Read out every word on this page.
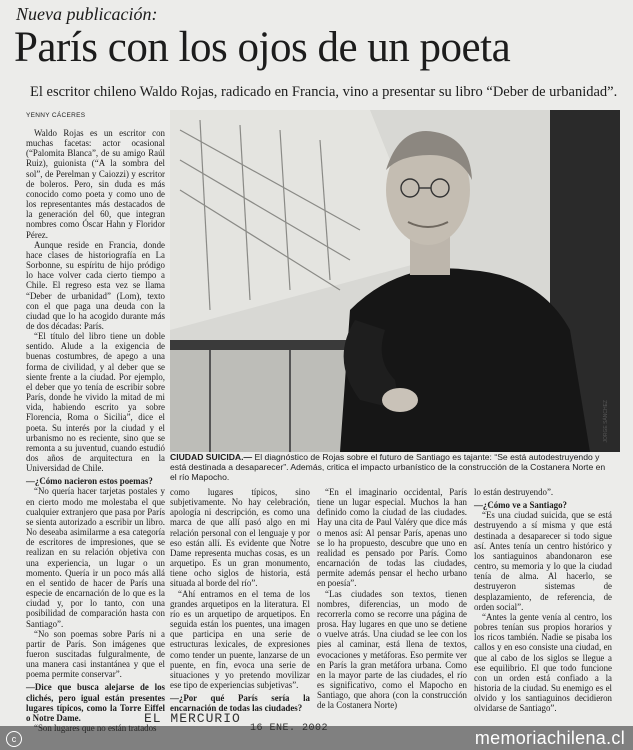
Nueva publicación:
París con los ojos de un poeta
El escritor chileno Waldo Rojas, radicado en Francia, vino a presentar su libro “Deber de urbanidad”.
YENNY CÁCERES

Waldo Rojas es un escritor con muchas facetas: actor ocasional (“Palomita Blanca”, de su amigo Raúl Ruiz), guionista (“A la sombra del sol”, de Perelman y Caiozzi) y escritor de boleros. Pero, sin duda es más conocido como poeta y como uno de los representantes más destacados de la generación del 60, que integran nombres como Óscar Hahn y Floridor Pérez.

Aunque reside en Francia, donde hace clases de historiografía en La Sorbonne, su espíritu de hijo pródigo lo hace volver cada cierto tiempo a Chile. El regreso esta vez se llama “Deber de urbanidad” (Lom), texto con el que paga una deuda con la ciudad que lo ha acogido durante más de dos décadas: París.

“El título del libro tiene un doble sentido. Alude a la exigencia de buenas costumbres, de apego a una forma de civilidad, y al deber que se siente frente a la ciudad. Por ejemplo, el deber que yo tenía de escribir sobre París, donde he vivido la mitad de mi vida, habiendo escrito ya sobre Florencia, Roma o Sicilia”, dice el poeta. Su interés por la ciudad y el urbanismo no es reciente, sino que se remonta a su juventud, cuando estudió dos años de arquitectura en la Universidad de Chile.

—¿Cómo nacieron estos poemas?

“No quería hacer tarjetas postales y en cierto modo me molestaba el que cualquier extranjero que pasa por París se sienta autorizado a escribir un libro. No deseaba asimilarme a esa categoría de escritores de impresiones, que se realizan en su relación objetiva con una experiencia, un lugar o un momento. Quería ir un poco más allá en el sentido de hacer de París una especie de encarnación de lo que es la ciudad y, por lo tanto, con una posibilidad de comparación hasta con Santiago”.

“No son poemas sobre París ni a partir de París. Son imágenes que fueron suscitadas fulguralmente, de una manera casi instantánea y que el poema permite conservar”.

—Dice que busca alejarse de los clichés, pero igual están presentes lugares típicos, como la Torre Eiffel o Notre Dame.

JORGE SÁNCHEZ
CIUDAD SUICIDA.— El diagnóstico de Rojas sobre el futuro de Santiago es tajante: “Se está autodestruyendo y está destinada a desaparecer”. Además, critica el impacto urbanístico de la construcción de la Costanera Norte en el río Mapocho.

como lugares típicos, sino subjetivamente. No hay celebración, apología ni descripción, es como una marca de que allí pasó algo en mi relación personal con el lenguaje y por eso están allí. Es evidente que Notre Dame representa muchas cosas, es un arquetipo. Es un gran monumento, tiene ocho siglos de historia, está situada al borde del río”.

“Ahí entramos en el tema de los grandes arquetipos en la literatura. El río es un arquetipo de arquetipos. En seguida están los puentes, una imagen que participa en una serie de estructuras lexicales, de expresiones como tender un puente, lanzarse de un puente, en fin, evoca una serie de situaciones y yo pretendo movilizar ese tipo de experiencias subjetivas”.

—¿Por qué París sería la encarnación de todas las ciudades?

“En el imaginario occidental, París tiene un lugar especial. Muchos la han definido como la ciudad de las ciudades. Hay una cita de Paul Valéry que dice más o menos así: Al pensar París, apenas uno se lo ha propuesto, descubre que uno en realidad es pensado por París. Como encarnación de todas las ciudades, permite además pensar el hecho urbano en poesía”.

“Las ciudades son textos, tienen nombres, diferencias, un modo de recorrerla como se recorre una página de prosa. Hay lugares en que uno se detiene o vuelve atrás. Una ciudad se lee con los pies al caminar, está llena de textos, evocaciones y metáforas. Eso permite ver en París la gran metáfora urbana. Como en la mayor parte de las ciudades, el río es significativo, como el Mapocho en Santiago, que ahora (con la construcción de la Costanera Norte)

lo están destruyendo”.

—¿Cómo ve a Santiago?

“Es una ciudad suicida, que se está destruyendo a sí misma y que está destinada a desaparecer si todo sigue así. Antes tenía un centro histórico y los santiaguinos abandonaron ese centro, su memoria y lo que la ciudad tenía de alma. Al hacerlo, se destruyeron sistemas de desplazamiento, de referencia, de orden social”.

“Antes la gente venía al centro, los pobres tenían sus propios horarios y los ricos también. Nadie se pisaba los callos y en eso consiste una ciudad, en que al cabo de los siglos se llegue a ese equilibrio. El que todo funcione con un orden está confiado a la historia de la ciudad. Su enemigo es el olvido y los santiaguinos decidieron olvidarse de Santiago”.

EL MERCURIO
c	memoriachilena.cl
